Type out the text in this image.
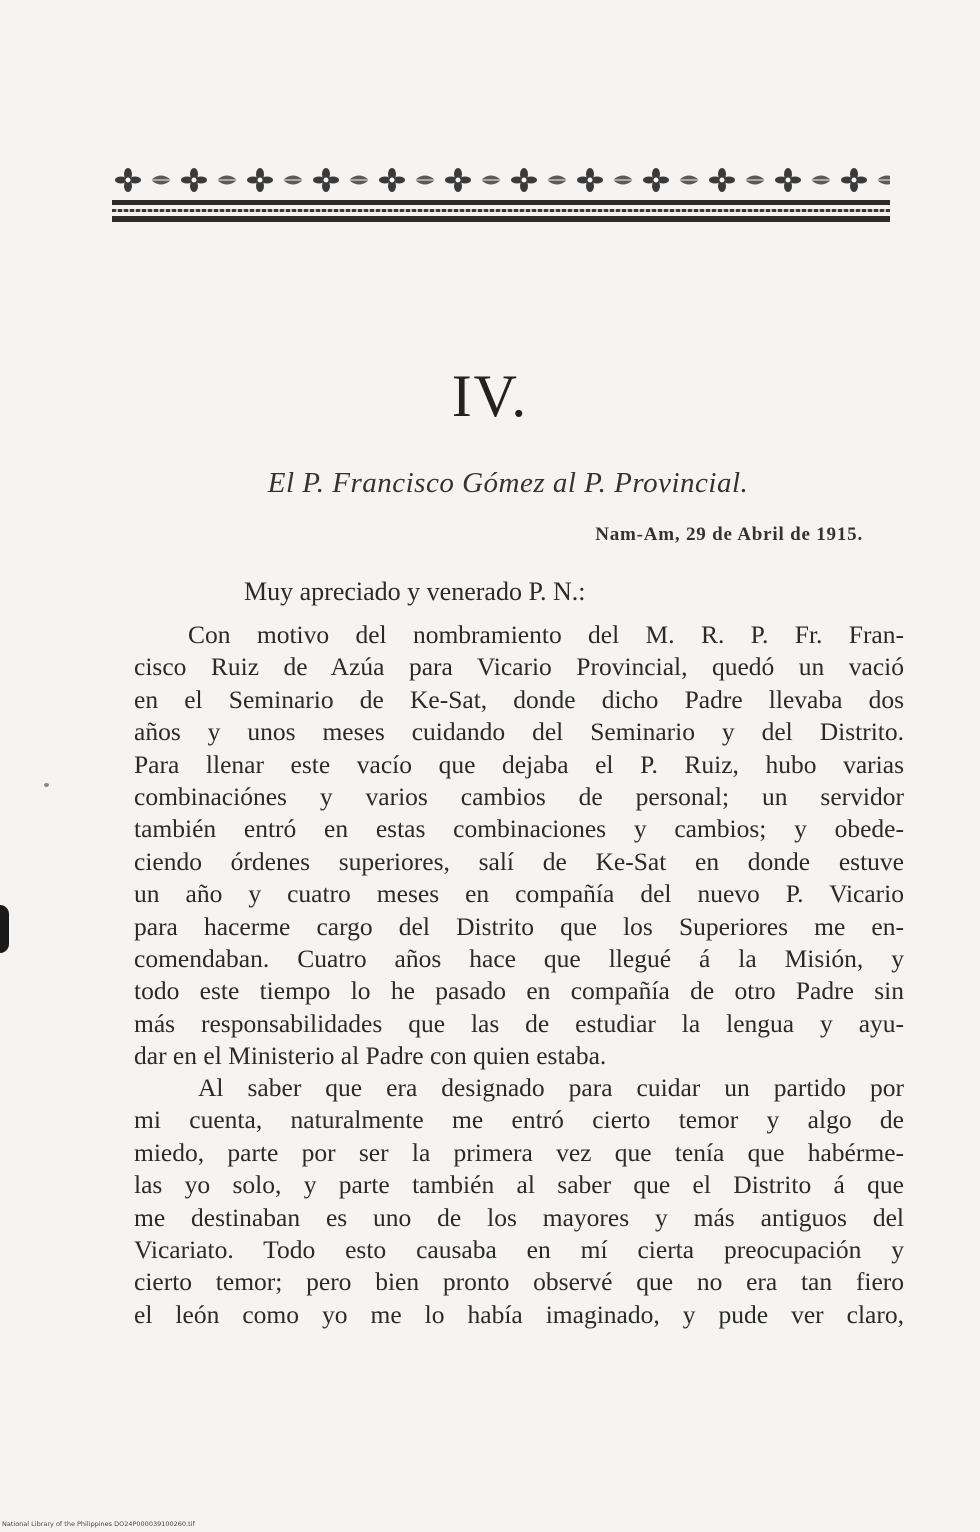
IV.
El P. Francisco Gómez al P. Provincial.
Nam-Am, 29 de Abril de 1915.
Muy apreciado y venerado P. N.:
Con motivo del nombramiento del M. R. P. Fr. Fran-
cisco Ruiz de Azúa para Vicario Provincial, quedó un vació
en el Seminario de Ke-Sat, donde dicho Padre llevaba dos
años y unos meses cuidando del Seminario y del Distrito.
Para llenar este vacío que dejaba el P. Ruiz, hubo varias
combinaciónes y varios cambios de personal; un servidor
también entró en estas combinaciones y cambios; y obede-
ciendo órdenes superiores, salí de Ke-Sat en donde estuve
un año y cuatro meses en compañía del nuevo P. Vicario
para hacerme cargo del Distrito que los Superiores me en-
comendaban. Cuatro años hace que llegué á la Misión, y
todo este tiempo lo he pasado en compañía de otro Padre sin
más responsabilidades que las de estudiar la lengua y ayu-
dar en el Ministerio al Padre con quien estaba.
Al saber que era designado para cuidar un partido por
mi cuenta, naturalmente me entró cierto temor y algo de
miedo, parte por ser la primera vez que tenía que habérme-
las yo solo, y parte también al saber que el Distrito á que
me destinaban es uno de los mayores y más antiguos del
Vicariato. Todo esto causaba en mí cierta preocupación y
cierto temor; pero bien pronto observé que no era tan fiero
el león como yo me lo había imaginado, y pude ver claro,
National Library of the Philippines DO24P000039100260.tif
